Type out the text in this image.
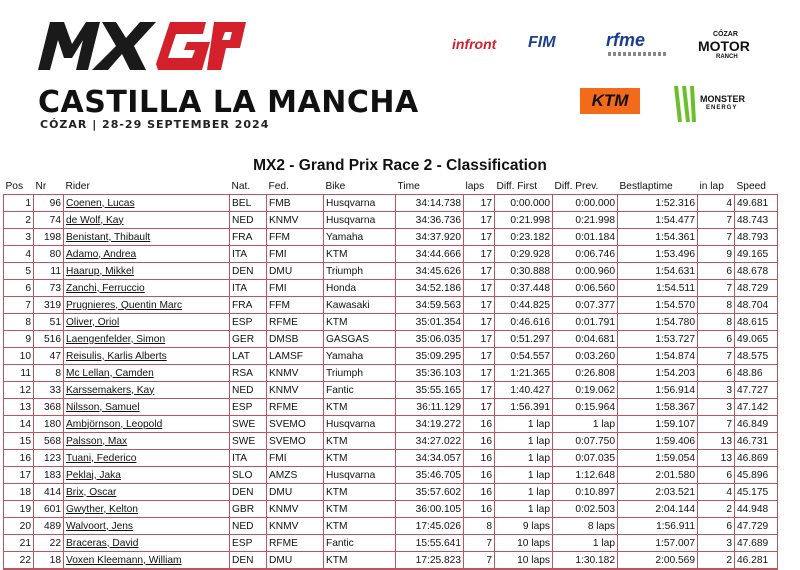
CASTILLA LA MANCHA
CÓZAR | 28-29 SEPTEMBER 2024
infront FIM	rfme	CÓZAR
MOTOR
RANCH
KTM	MONSTER
ENERGY
MX2 - Grand Prix Race 2 - Classification
Pos	Nr	Rider	Nat.	Fed.	Bike	Time	laps	Diff. First	Diff. Prev.	Bestlaptime	in lap	Speed
1	96	Coenen, Lucas	BEL	FMB	Husqvarna	34:14.738	17	0:00.000	0:00.000	1:52.316	4	49.681
2	74	de Wolf, Kay	NED	KNMV	Husqvarna	34:36.736	17	0:21.998	0:21.998	1:54.477	7	48.743
3	198	Benistant, Thibault	FRA	FFM	Yamaha	34:37.920	17	0:23.182	0:01.184	1:54.361	7	48.793
4	80	Adamo, Andrea	ITA	FMI	KTM	34:44.666	17	0:29.928	0:06.746	1:53.496	9	49.165
5	11	Haarup, Mikkel	DEN	DMU	Triumph	34:45.626	17	0:30.888	0:00.960	1:54.631	6	48.678
6	73	Zanchi, Ferruccio	ITA	FMI	Honda	34:52.186	17	0:37.448	0:06.560	1:54.511	7	48.729
7	319	Prugnieres, Quentin Marc	FRA	FFM	Kawasaki	34:59.563	17	0:44.825	0:07.377	1:54.570	8	48.704
8	51	Oliver, Oriol	ESP	RFME	KTM	35:01.354	17	0:46.616	0:01.791	1:54.780	8	48.615
9	516	Laengenfelder, Simon	GER	DMSB	GASGAS	35:06.035	17	0:51.297	0:04.681	1:53.727	6	49.065
10	47	Reisulis, Karlis Alberts	LAT	LAMSF	Yamaha	35:09.295	17	0:54.557	0:03.260	1:54.874	7	48.575
11	8	Mc Lellan, Camden	RSA	KNMV	Triumph	35:36.103	17	1:21.365	0:26.808	1:54.203	6	48.86
12	33	Karssemakers, Kay	NED	KNMV	Fantic	35:55.165	17	1:40.427	0:19.062	1:56.914	3	47.727
13	368	Nilsson, Samuel	ESP	RFME	KTM	36:11.129	17	1:56.391	0:15.964	1:58.367	3	47.142
14	180	Ambjörnson, Leopold	SWE	SVEMO	Husqvarna	34:19.272	16	1 lap	1 lap	1:59.107	7	46.849
15	568	Palsson, Max	SWE	SVEMO	KTM	34:27.022	16	1 lap	0:07.750	1:59.406	13	46.731
16	123	Tuani, Federico	ITA	FMI	KTM	34:34.057	16	1 lap	0:07.035	1:59.054	13	46.869
17	183	Peklaj, Jaka	SLO	AMZS	Husqvarna	35:46.705	16	1 lap	1:12.648	2:01.580	6	45.896
18	414	Brix, Oscar	DEN	DMU	KTM	35:57.602	16	1 lap	0:10.897	2:03.521	4	45.175
19	601	Gwyther, Kelton	GBR	KNMV	KTM	36:00.105	16	1 lap	0:02.503	2:04.144	2	44.948
20	489	Walvoort, Jens	NED	KNMV	KTM	17:45.026	8	9 laps	8 laps	1:56.911	6	47.729
21	22	Braceras, David	ESP	RFME	Fantic	15:55.641	7	10 laps	1 lap	1:57.007	3	47.689
22	18	Voxen Kleemann, William	DEN	DMU	KTM	17:25.823	7	10 laps	1:30.182	2:00.569	2	46.281
